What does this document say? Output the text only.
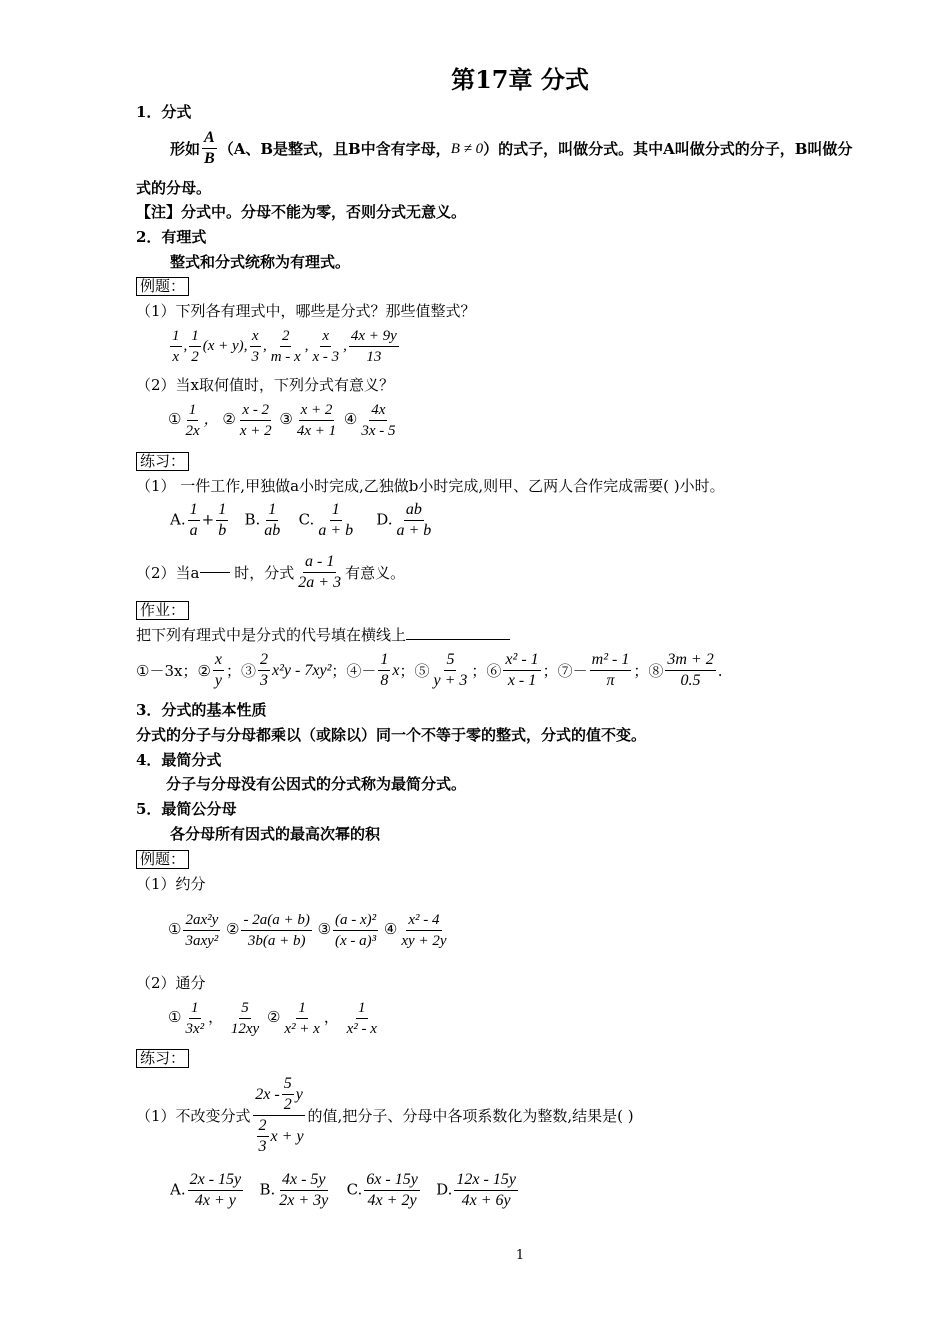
第17章 分式
1．分式
形如 $\frac{A}{B} (A$、B是整式，且B中含有字母， B ≠ 0 ）的式子，叫做分式。其中A叫做分式的分子，B叫做分
式的分母。
【注】分式中。分母不能为零，否则分式无意义。
2．有理式
整式和分式统称为有理式。
例题：
（1）下列各有理式中，哪些是分式？那些值整式？
$\frac{1}{x}$ , $\frac{1}{2} (x + y)$, $\frac{x}{3}$ , $\frac{2}{m - x}$ , $\frac{x}{x - 3}$ , $\frac{4x + 9y}{13}$
（2）当x取何值时，下列分式有意义？
① $\frac{1}{2x}$ ， ② $\frac{x - 2}{x + 2}$ ③ $\frac{x + 2}{4x + 1}$ ④ $\frac{4x}{3x - 5}$
练习：
（1） 一件工作,甲独做a小时完成,乙独做b小时完成,则甲、乙两人合作完成需要( )小时。
A. $\frac{1}{a} + \frac{1}{b} B$. $\frac{1}{ab} C$. $\frac{1}{a + b} D$. $\frac{ab}{a + b}$
（2）当a
时，分式 $\frac{a - 1}{2a + 3}$ 有意义。
作业：
把下列有理式中是分式的代号填在横线上
①－3x；② $\frac{x}{y}$ ；③ $\frac{2}{3} x^2y - 7xy^2$ ；④－ $\frac{1}{8}$ x ；⑤ $\frac{5}{y + 3}$ ；⑥ $\frac{\text{x² - 1}}{x - 1}$ ；⑦－ $\frac{\text{m² - 1}}{\pi}$ ；⑧ $\frac{3m + 2}{0.5}$ .
3．分式的基本性质
分式的分子与分母都乘以（或除以）同一个不等于零的整式，分式的值不变。
4．最简分式
分子与分母没有公因式的分式称为最简分式。
5．最简公分母
各分母所有因式的最高次幂的积
例题：
（1）约分
① $\frac{\text{2ax²y}}{\text{3axy²}}$ ② $\frac{- 2a(a + b)}{3b(a + b)}$ ③ $\frac{\text{(a - x)²}}{\text{(x - a)³}}$ ④ $\frac{\text{x² - 4}}{xy + 2y}$
（2）通分
① $\frac{1}{\text{3x²}}$ ， $\frac{5}{12xy}$ ② $\frac{1}{\text{x² + x}}$ ， $\frac{1}{\text{x² - x}}$
练习：
（1）不改变分式 $\frac{2x - \frac{5}{2} y}{\frac{2}{3} x + y}$ 的值,把分子、分母中各项系数化为整数,结果是( )
A. $\frac{2x - 15y}{4x + y} B$. $\frac{4x - 5y}{2x + 3y} C$. $\frac{6x - 15y}{4x + 2y} D$. $\frac{12x - 15y}{4x + 6y}$
1
